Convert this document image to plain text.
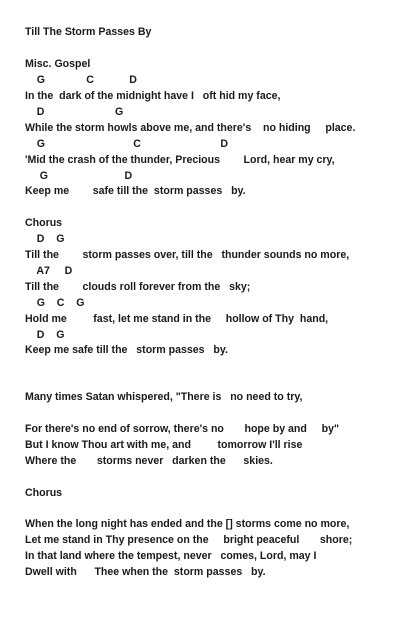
Till The Storm Passes By
Misc. Gospel
G              C            D
In the  dark of the midnight have I   oft hid my face,
D                        G
While the storm howls above me, and there's    no hiding     place.
G                              C                           D
'Mid the crash of the thunder, Precious        Lord, hear my cry,
G                          D
Keep me        safe till the  storm passes   by.
Chorus
D    G
Till the        storm passes over, till the   thunder sounds no more,
A7     D
Till the        clouds roll forever from the   sky;
G    C    G
Hold me         fast, let me stand in the     hollow of Thy  hand,
D    G
Keep me safe till the   storm passes   by.
Many times Satan whispered, "There is   no need to try,
For there's no end of sorrow, there's no       hope by and     by"
But I know Thou art with me, and         tomorrow I'll rise
Where the       storms never   darken the      skies.
Chorus
When the long night has ended and the [] storms come no more,
Let me stand in Thy presence on the     bright peaceful       shore;
In that land where the tempest, never   comes, Lord, may I
Dwell with      Thee when the  storm passes   by.
